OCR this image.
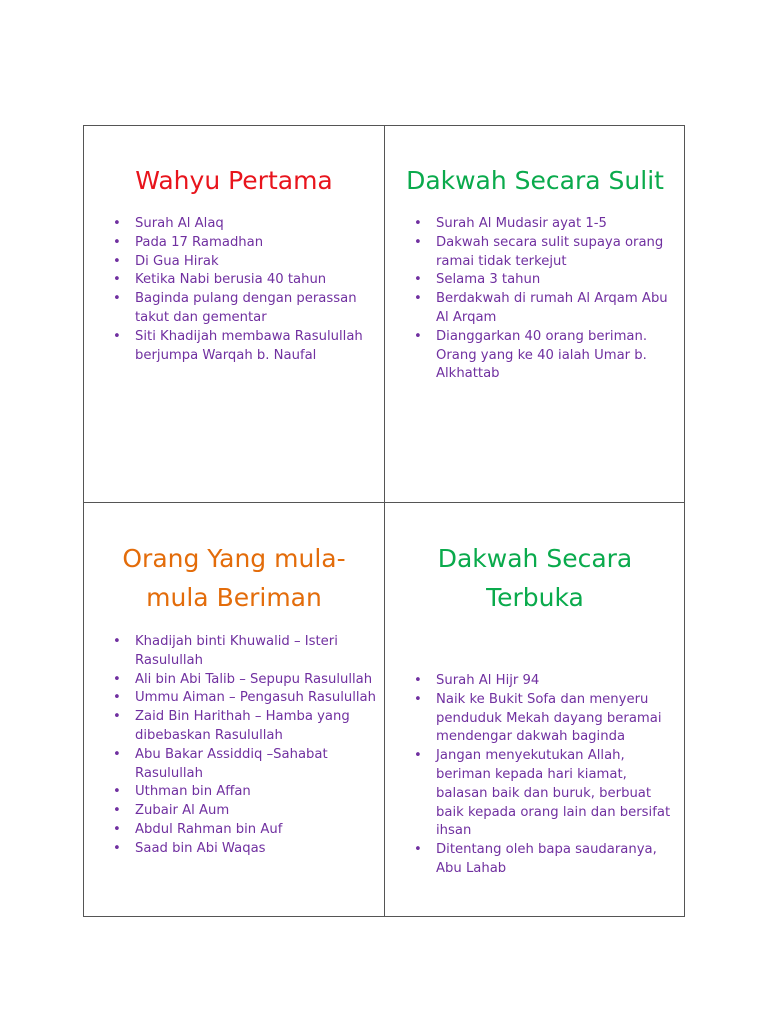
Wahyu Pertama
• Surah Al Alaq
• Pada 17 Ramadhan
• Di Gua Hirak
• Ketika Nabi berusia 40 tahun
• Baginda pulang dengan perassan takut dan gementar
• Siti Khadijah membawa Rasulullah berjumpa Warqah b. Naufal
Dakwah Secara Sulit
• Surah Al Mudasir ayat 1-5
• Dakwah secara sulit supaya orang ramai tidak terkejut
• Selama 3 tahun
• Berdakwah di rumah Al Arqam Abu Al Arqam
• Dianggarkan 40 orang beriman. Orang yang ke 40 ialah Umar b. Alkhattab
Orang Yang mula-
mula Beriman
• Khadijah binti Khuwalid – Isteri Rasulullah
• Ali bin Abi Talib – Sepupu Rasulullah
• Ummu Aiman – Pengasuh Rasulullah
• Zaid Bin Harithah – Hamba yang dibebaskan Rasulullah
• Abu Bakar Assiddiq –Sahabat Rasulullah
• Uthman bin Affan
• Zubair Al Aum
• Abdul Rahman bin Auf
• Saad bin Abi Waqas
Dakwah Secara
Terbuka
• Surah Al Hijr 94
• Naik ke Bukit Sofa dan menyeru penduduk Mekah dayang beramai mendengar dakwah baginda
• Jangan menyekutukan Allah, beriman kepada hari kiamat, balasan baik dan buruk, berbuat baik kepada orang lain dan bersifat ihsan
• Ditentang oleh bapa saudaranya, Abu Lahab
